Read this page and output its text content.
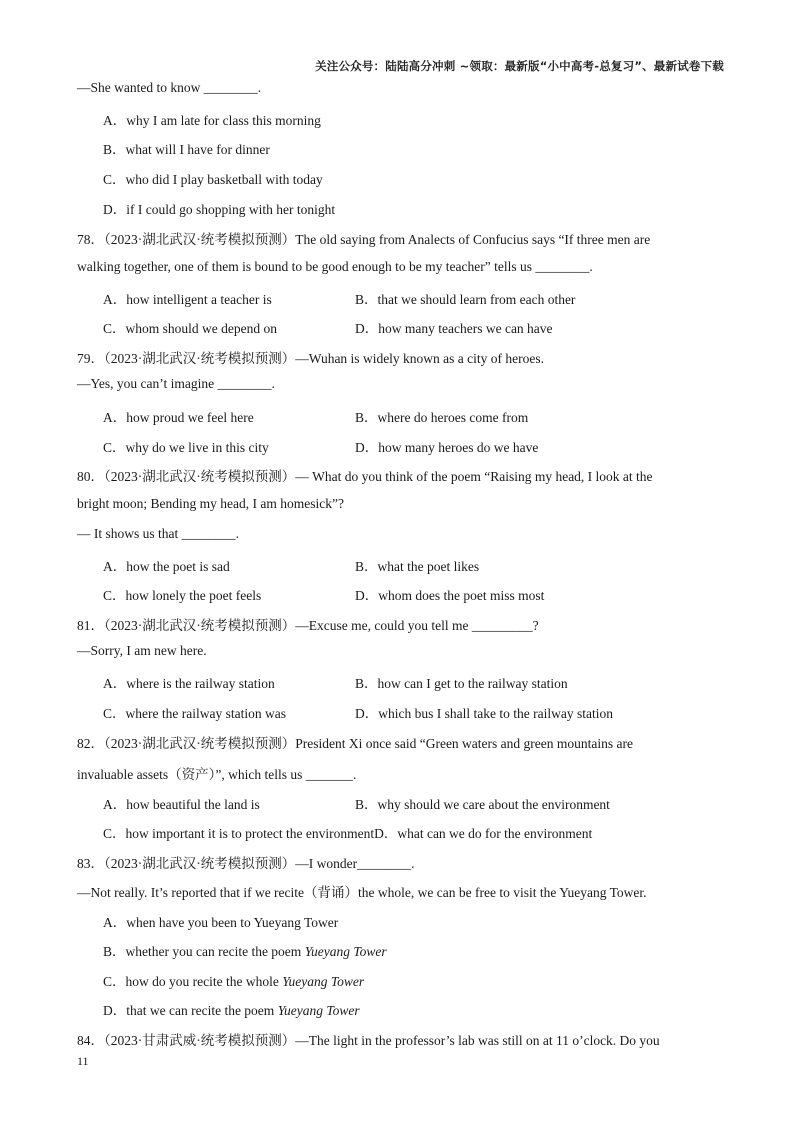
关注公众号：陆陆高分冲刺 ~领取：最新版“小中高考-总复习”、最新试卷下载
—She wanted to know ________.
A．why I am late for class this morning
B．what will I have for dinner
C．who did I play basketball with today
D．if I could go shopping with her tonight
78．（2023·湖北武汉·统考模拟预测）The old saying from Analects of Confucius says “If three men are
walking together, one of them is bound to be good enough to be my teacher” tells us ________.
A．how intelligent a teacher is	B．that we should learn from each other
C．whom should we depend on	D．how many teachers we can have
79．（2023·湖北武汉·统考模拟预测）—Wuhan is widely known as a city of heroes.
—Yes, you can’t imagine ________.
A．how proud we feel here	B．where do heroes come from
C．why do we live in this city	D．how many heroes do we have
80．（2023·湖北武汉·统考模拟预测）— What do you think of the poem “Raising my head, I look at the
bright moon; Bending my head, I am homesick”?
— It shows us that ________.
A．how the poet is sad	B．what the poet likes
C．how lonely the poet feels	D．whom does the poet miss most
81．（2023·湖北武汉·统考模拟预测）—Excuse me, could you tell me _________?
—Sorry, I am new here.
A．where is the railway station	B．how can I get to the railway station
C．where the railway station was	D．which bus I shall take to the railway station
82．（2023·湖北武汉·统考模拟预测）President Xi once said “Green waters and green mountains are
invaluable assets（资产）”, which tells us _______.
A．how beautiful the land is	B．why should we care about the environment
C．how important it is to protect the environmentD．what can we do for the environment
83．（2023·湖北武汉·统考模拟预测）—I wonder________.
—Not really. It’s reported that if we recite（背诵）the whole, we can be free to visit the Yueyang Tower.
A．when have you been to Yueyang Tower
B．whether you can recite the poem Yueyang Tower
C．how do you recite the whole Yueyang Tower
D．that we can recite the poem Yueyang Tower
84．（2023·甘肃武威·统考模拟预测）—The light in the professor’s lab was still on at 11 o’clock. Do you
11
